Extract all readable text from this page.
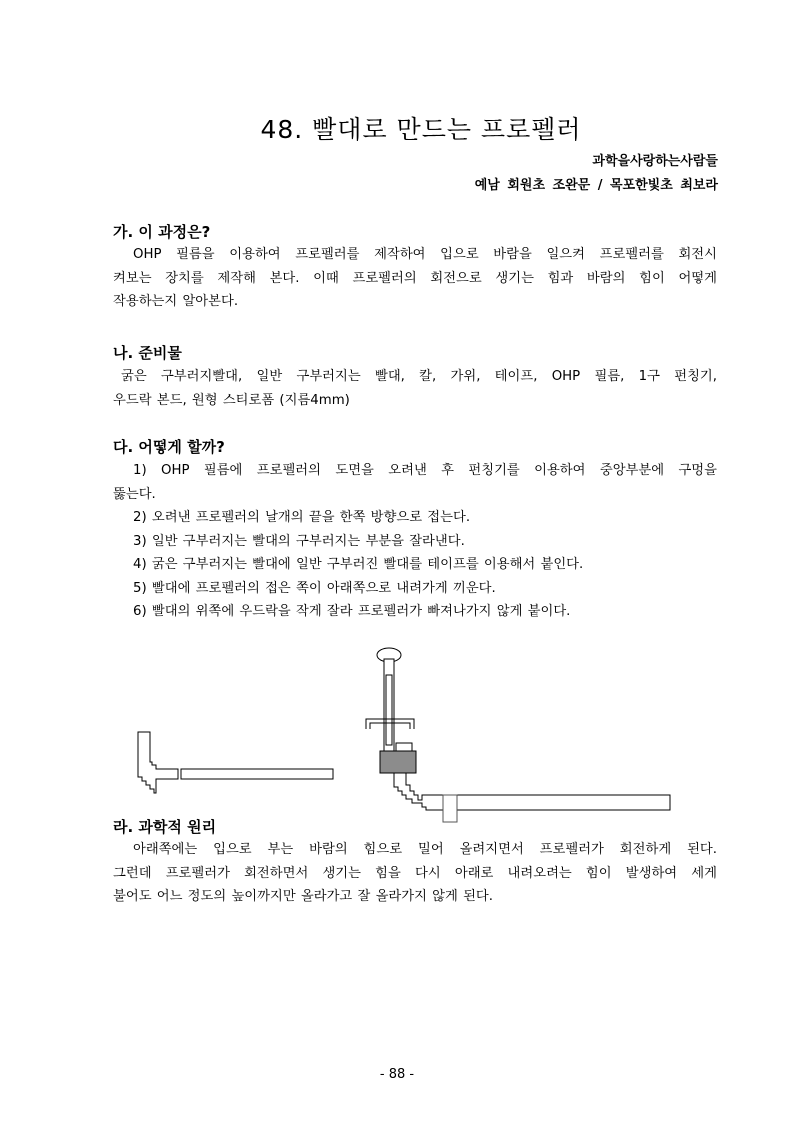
48. 빨대로 만드는 프로펠러
과학을사랑하는사람들
예남 회원초 조완문 / 목포한빛초 최보라
가. 이 과정은?
OHP 필름을 이용하여 프로펠러를 제작하여 입으로 바람을 일으켜 프로펠러를 회전시
켜보는 장치를 제작해 본다. 이때 프로펠러의 회전으로 생기는 힘과 바람의 힘이 어떻게
작용하는지 알아본다.
나. 준비물
굵은 구부러지빨대, 일반 구부러지는 빨대, 칼, 가위, 테이프, OHP 필름, 1구 펀칭기,
우드락 본드, 원형 스티로폼 (지름4mm)
다. 어떻게 할까?
1) OHP 필름에 프로펠러의 도면을 오려낸 후 펀칭기를 이용하여 중앙부분에 구멍을
뚫는다.
2) 오려낸 프로펠러의 날개의 끝을 한쪽 방향으로 접는다.
3) 일반 구부러지는 빨대의 구부러지는 부분을 잘라낸다.
4) 굵은 구부러지는 빨대에 일반 구부러진 빨대를 테이프를 이용해서 붙인다.
5) 빨대에 프로펠러의 접은 쪽이 아래쪽으로 내려가게 끼운다.
6) 빨대의 위쪽에 우드락을 작게 잘라 프로펠러가 빠져나가지 않게 붙이다.
라. 과학적 원리
아래쪽에는 입으로 부는 바람의 힘으로 밀어 올려지면서 프로펠러가 회전하게 된다.
그런데 프로펠러가 회전하면서 생기는 힘을 다시 아래로 내려오려는 힘이 발생하여 세게
불어도 어느 정도의 높이까지만 올라가고 잘 올라가지 않게 된다.
- 88 -
